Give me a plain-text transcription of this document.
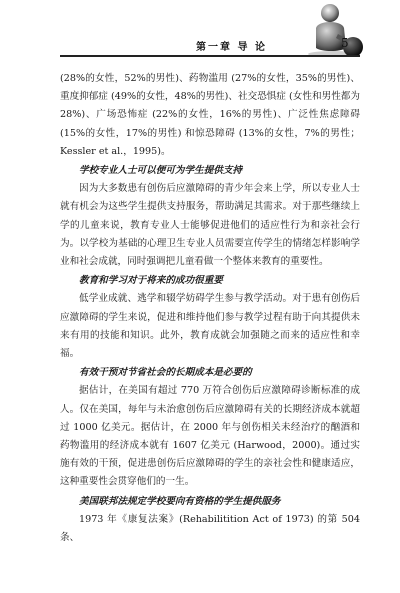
第一章 导 论	5

(28%的女性，52%的男性)、药物滥用 (27%的女性，35%的男性)、重度抑郁症 (49%的女性，48%的男性)、社交恐惧症 (女性和男性都为 28%)、广场恐怖症 (22%的女性，16%的男性)、广泛性焦虑障碍 (15%的女性，17%的男性) 和惊恐障碍 (13%的女性，7%的男性；Kessler et al.，1995)。

学校专业人士可以便可为学生提供支持

因为大多数患有创伤后应激障碍的青少年会来上学，所以专业人士就有机会为这些学生提供支持服务，帮助满足其需求。对于那些继续上学的儿童来说，教育专业人士能够促进他们的适应性行为和亲社会行为。以学校为基础的心理卫生专业人员需要宣传学生的情绪怎样影响学业和社会成就，同时强调把儿童看做一个整体来教育的重要性。

教育和学习对于将来的成功很重要

低学业成就、逃学和辍学妨碍学生参与教学活动。对于患有创伤后应激障碍的学生来说，促进和维持他们参与教学过程有助于向其提供未来有用的技能和知识。此外，教育成就会加强随之而来的适应性和幸福。

有效干预对节省社会的长期成本是必要的

据估计，在美国有超过 770 万符合创伤后应激障碍诊断标准的成人。仅在美国，每年与未治愈创伤后应激障碍有关的长期经济成本就超过 1000 亿美元。据估计，在 2000 年与创伤相关未经治疗的酗酒和药物滥用的经济成本就有 1607 亿美元 (Harwood，2000)。通过实施有效的干预，促进患创伤后应激障碍的学生的亲社会性和健康适应，这种重要性会贯穿他们的一生。

美国联邦法规定学校要向有资格的学生提供服务

1973 年《康复法案》(Rehabilitition Act of 1973) 的第 504 条、
